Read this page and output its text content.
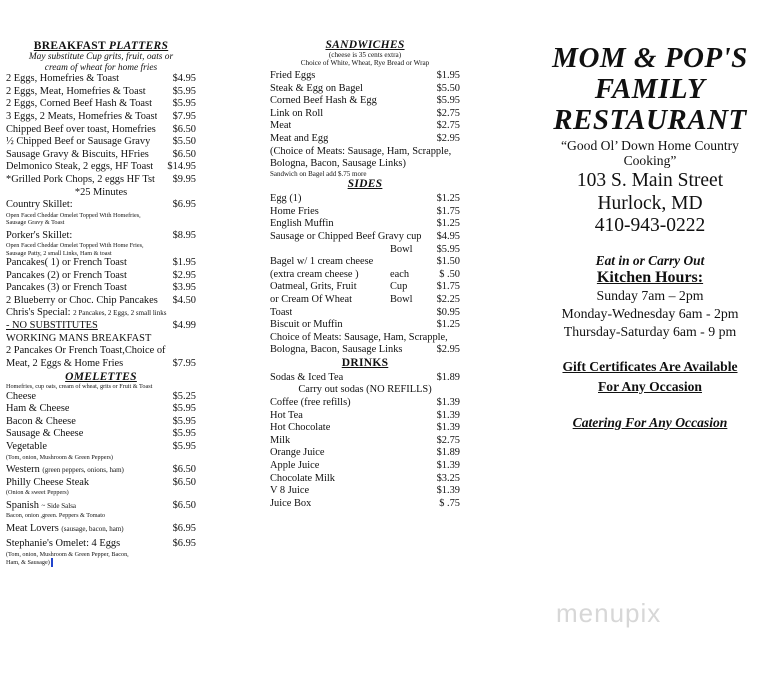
BREAKFAST PLATTERS
May substitute Cup grits, fruit, oats or
cream of wheat for home fries
2 Eggs, Homefries & Toast	$4.95
2 Eggs, Meat, Homefries & Toast	$5.95
2 Eggs, Corned Beef Hash & Toast $5.95
3 Eggs, 2 Meats, Homefries & Toast $7.95
Chipped Beef over toast, Homefries $6.50
½ Chipped Beef or Sausage Gravy $5.50
Sausage Gravy & Biscuits, HFries $6.50
Delmonico Steak, 2 eggs, HF Toast $14.95
*Grilled Pork Chops, 2 eggs HF Tst $9.95
*25 Minutes
Country Skillet:	$6.95
Open Faced Cheddar Omelet Topped With Homefries,
Sausage Gravy & Toast
Porker's Skillet:	$8.95
Open Faced Cheddar Omelet Topped With Home Fries,
Sausage Patty, 2 small Links, Ham & toast
Pancakes( 1) or French Toast	$1.95
Pancakes (2) or French Toast	$2.95
Pancakes (3) or French Toast	$3.95
2 Blueberry or Choc. Chip Pancakes $4.50
Chris's Special: 2 Pancakes, 2 Eggs, 2 small links
- NO SUBSTITUTES	$4.99
WORKING MANS BREAKFAST
2 Pancakes Or French Toast,Choice of
Meat, 2 Eggs & Home Fries	$7.95
OMELETTES
Homefries, cup oats, cream of wheat, grits or Fruit & Toast
Cheese	$5.25
Ham & Cheese	$5.95
Bacon & Cheese	$5.95
Sausage & Cheese	$5.95
Vegetable	$5.95
(Tom, onion, Mushroom & Green Peppers)
Western (green peppers, onions, ham)	$6.50
Philly Cheese Steak	$6.50
(Onion & sweet Peppers)
Spanish ~ Side Salsa	$6.50
Bacon, onion ,green. Peppers & Tomato
Meat Lovers (sausage, bacon, ham)	$6.95
Stephanie's Omelet: 4 Eggs	$6.95
(Tom, onion, Mushroom & Green Pepper, Bacon,
Ham, & Sausage)
SANDWICHES
(cheese is 35 cents extra)
Choice of White, Wheat, Rye Bread or Wrap
Fried Eggs	$1.95
Steak & Egg on Bagel	$5.50
Corned Beef Hash & Egg	$5.95
Link on Roll	$2.75
Meat	$2.75
Meat and Egg	$2.95
(Choice of Meats: Sausage, Ham, Scrapple,
Bologna, Bacon, Sausage Links)
Sandwich on Bagel add $.75 more
SIDES
Egg (1)	$1.25
Home Fries	$1.75
English Muffin	$1.25
Sausage or Chipped Beef Gravy cup $4.95
Bowl	$5.95
Bagel w/ 1 cream cheese	$1.50
(extra cream cheese )	each	$ .50
Oatmeal, Grits, Fruit	Cup	$1.75
or Cream Of Wheat	Bowl	$2.25
Toast	$0.95
Biscuit or Muffin	$1.25
Choice of Meats: Sausage, Ham, Scrapple,
Bologna, Bacon, Sausage Links	$2.95
DRINKS
Sodas & Iced Tea	$1.89
Carry out sodas (NO REFILLS)
Coffee (free refills)	$1.39
Hot Tea	$1.39
Hot Chocolate	$1.39
Milk	$2.75
Orange Juice	$1.89
Apple Juice	$1.39
Chocolate Milk	$3.25
V 8 Juice	$1.39
Juice Box	$ .75
MOM & POP'S
FAMILY
RESTAURANT
“Good Ol’ Down Home Country
Cooking”
103 S. Main Street
Hurlock, MD
410-943-0222
Eat in or Carry Out
Kitchen Hours:
Sunday 7am – 2pm
Monday-Wednesday 6am - 2pm
Thursday-Saturday 6am - 9 pm
Gift Certificates Are Available
For Any Occasion
Catering For Any Occasion
menupix
